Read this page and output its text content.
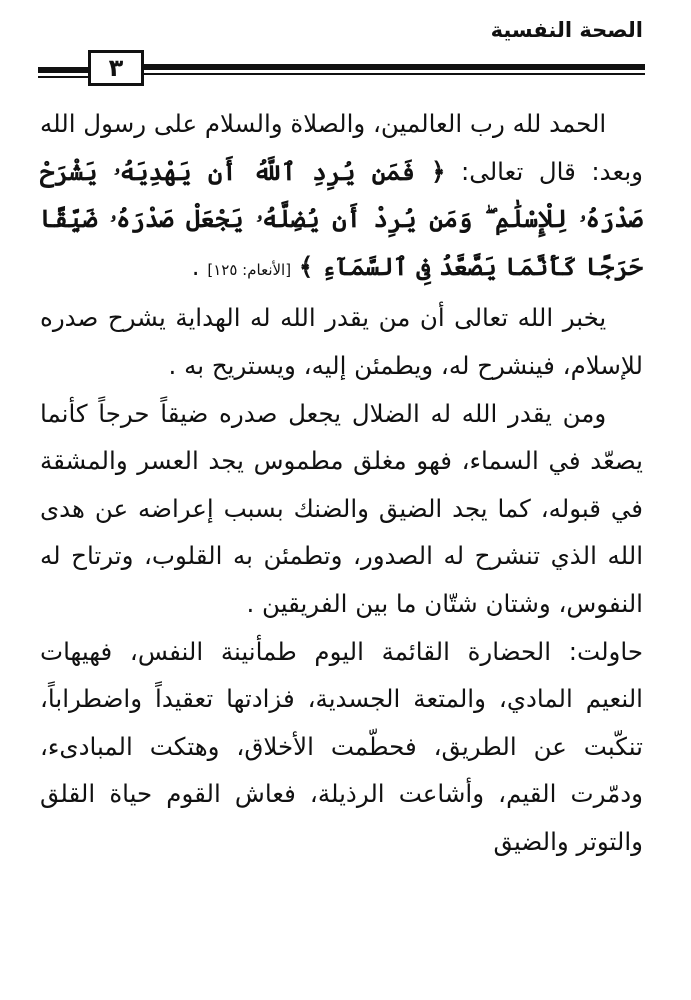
الصحة النفسية
٣

الحمد لله رب العالمين، والصلاة والسلام على رسول الله وبعد: قال تعالى: ﴿ فَمَن يُرِدِ ٱللَّهُ أَن يَهْدِيَهُۥ يَشْرَحْ صَدْرَهُۥ لِلْإِسْلَٰمِ ۖ وَمَن يُرِدْ أَن يُضِلَّهُۥ يَجْعَلْ صَدْرَهُۥ ضَيِّقًا حَرَجًا كَأَنَّمَا يَصَّعَّدُ فِى ٱلسَّمَآءِ ﴾ [الأنعام: ١٢٥] .

يخبر الله تعالى أن من يقدر الله له الهداية يشرح صدره للإسلام، فينشرح له، ويطمئن إليه، ويستريح به .

ومن يقدر الله له الضلال يجعل صدره ضيقاً حرجاً كأنما يصعّد في السماء، فهو مغلق مطموس يجد العسر والمشقة في قبوله، كما يجد الضيق والضنك بسبب إعراضه عن هدى الله الذي تنشرح له الصدور، وتطمئن به القلوب، وترتاح له النفوس، وشتان شتّان ما بين الفريقين .

حاولت: الحضارة القائمة اليوم طمأنينة النفس، فهيهات النعيم المادي، والمتعة الجسدية، فزادتها تعقيداً واضطراباً، تنكّبت عن الطريق، فحطّمت الأخلاق، وهتكت المبادىء، ودمّرت القيم، وأشاعت الرذيلة، فعاش القوم حياة القلق والتوتر والضيق
